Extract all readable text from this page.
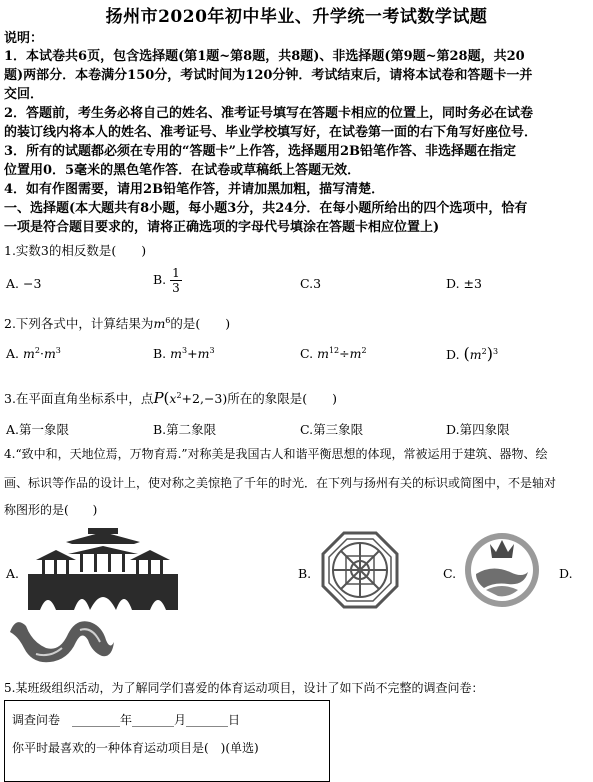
扬州市2020年初中毕业、升学统一考试数学试题
说明：
1．本试卷共6页，包含选择题(第1题~第8题，共8题)、非选择题(第9题~第28题，共20
题)两部分．本卷满分150分，考试时间为120分钟．考试结束后，请将本试卷和答题卡一并
交回．
2．答题前，考生务必将自己的姓名、准考证号填写在答题卡相应的位置上，同时务必在试卷
的装订线内将本人的姓名、准考证号、毕业学校填写好，在试卷第一面的右下角写好座位号．
3．所有的试题都必须在专用的“答题卡”上作答，选择题用2B铅笔作答、非选择题在指定
位置用0．5毫米的黑色笔作答．在试卷或草稿纸上答题无效．
4．如有作图需要，请用2B铅笔作答，并请加黑加粗，描写清楚．
一、选择题(本大题共有8小题，每小题3分，共24分．在每小题所给出的四个选项中，恰有
一项是符合题目要求的，请将正确选项的字母代号填涂在答题卡相应位置上)
1.实数3的相反数是(　　)
A. −3	B. $\frac{1}{3}$	C.3	D. ±3
2.下列各式中，计算结果为$m^6$的是(　　)
A. $m^2\cdot m^3$	B. $m^3+m^3$	C. $m^{12}\div m^2$	D. $(m^2)^3$
3.在平面直角坐标系中，点$P(x^2+2,-3)$所在的象限是(　　)
A.第一象限	B.第二象限	C.第三象限	D.第四象限
4.“致中和，天地位焉，万物育焉.”对称美是我国古人和谐平衡思想的体现，常被运用于建筑、器物、绘
画、标识等作品的设计上，使对称之美惊艳了千年的时光．在下列与扬州有关的标识或简图中，不是轴对
称图形的是(　　)
A.	B.	C.	D.
5.某班级组织活动，为了解同学们喜爱的体育运动项目，设计了如下尚不完整的调查问卷：
调查问卷　________年_______月_______日
你平时最喜欢的一种体育运动项目是(　)(单选)
